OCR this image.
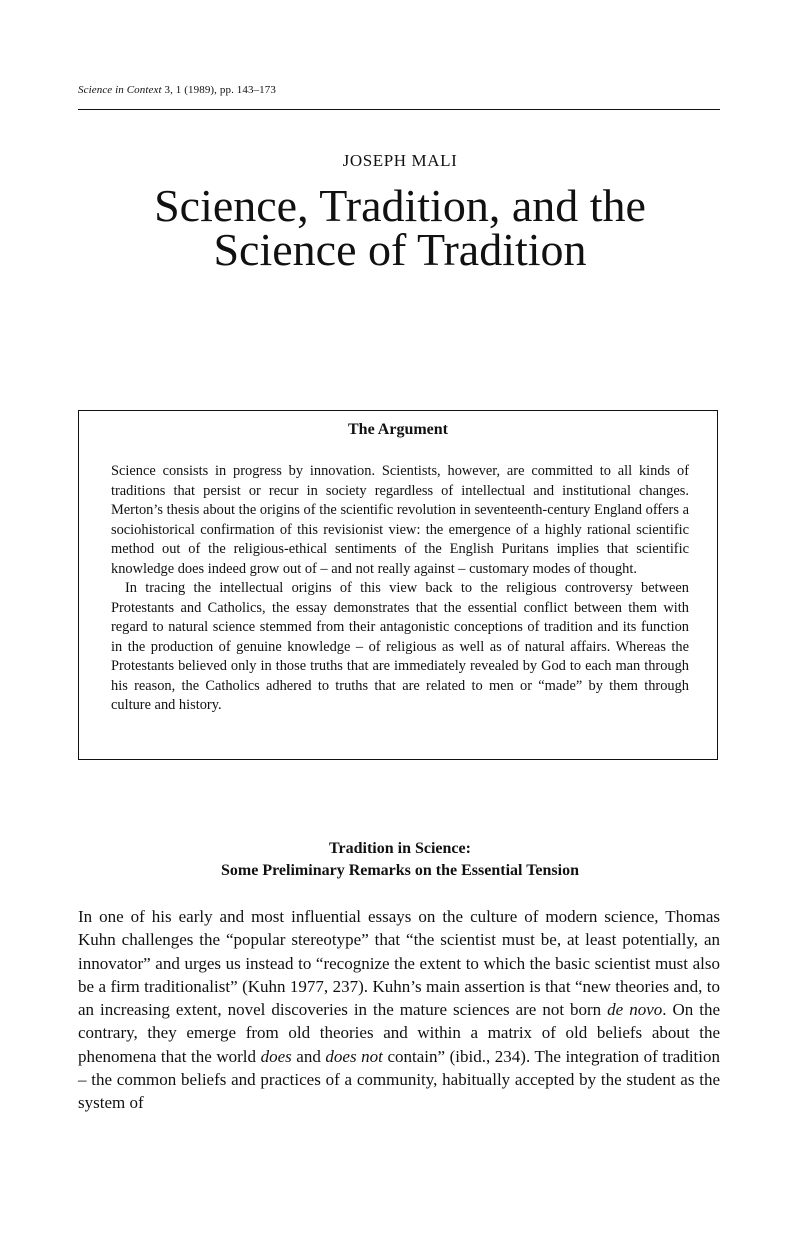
Science in Context 3, 1 (1989), pp. 143–173
JOSEPH MALI
Science, Tradition, and the
Science of Tradition
The Argument

Science consists in progress by innovation. Scientists, however, are committed to all kinds of traditions that persist or recur in society regardless of intellectual and institutional changes. Merton’s thesis about the origins of the scientific revolution in seventeenth-century England offers a sociohistorical confirmation of this revisionist view: the emergence of a highly rational scientific method out of the religious-ethical sentiments of the English Puritans implies that scientific knowledge does indeed grow out of – and not really against – customary modes of thought.

In tracing the intellectual origins of this view back to the religious controversy between Protestants and Catholics, the essay demonstrates that the essential conflict between them with regard to natural science stemmed from their antagonistic conceptions of tradition and its function in the production of genuine knowledge – of religious as well as of natural affairs. Whereas the Protestants believed only in those truths that are immediately revealed by God to each man through his reason, the Catholics adhered to truths that are related to men or “made” by them through culture and history.

Tradition in Science:
Some Preliminary Remarks on the Essential Tension

In one of his early and most influential essays on the culture of modern science, Thomas Kuhn challenges the “popular stereotype” that “the scientist must be, at least potentially, an innovator” and urges us instead to “recognize the extent to which the basic scientist must also be a firm traditionalist” (Kuhn 1977, 237). Kuhn’s main assertion is that “new theories and, to an increasing extent, novel discoveries in the mature sciences are not born de novo. On the contrary, they emerge from old theories and within a matrix of old beliefs about the phenomena that the world does and does not contain” (ibid., 234). The integration of tradition – the common beliefs and practices of a community, habitually accepted by the student as the system of
